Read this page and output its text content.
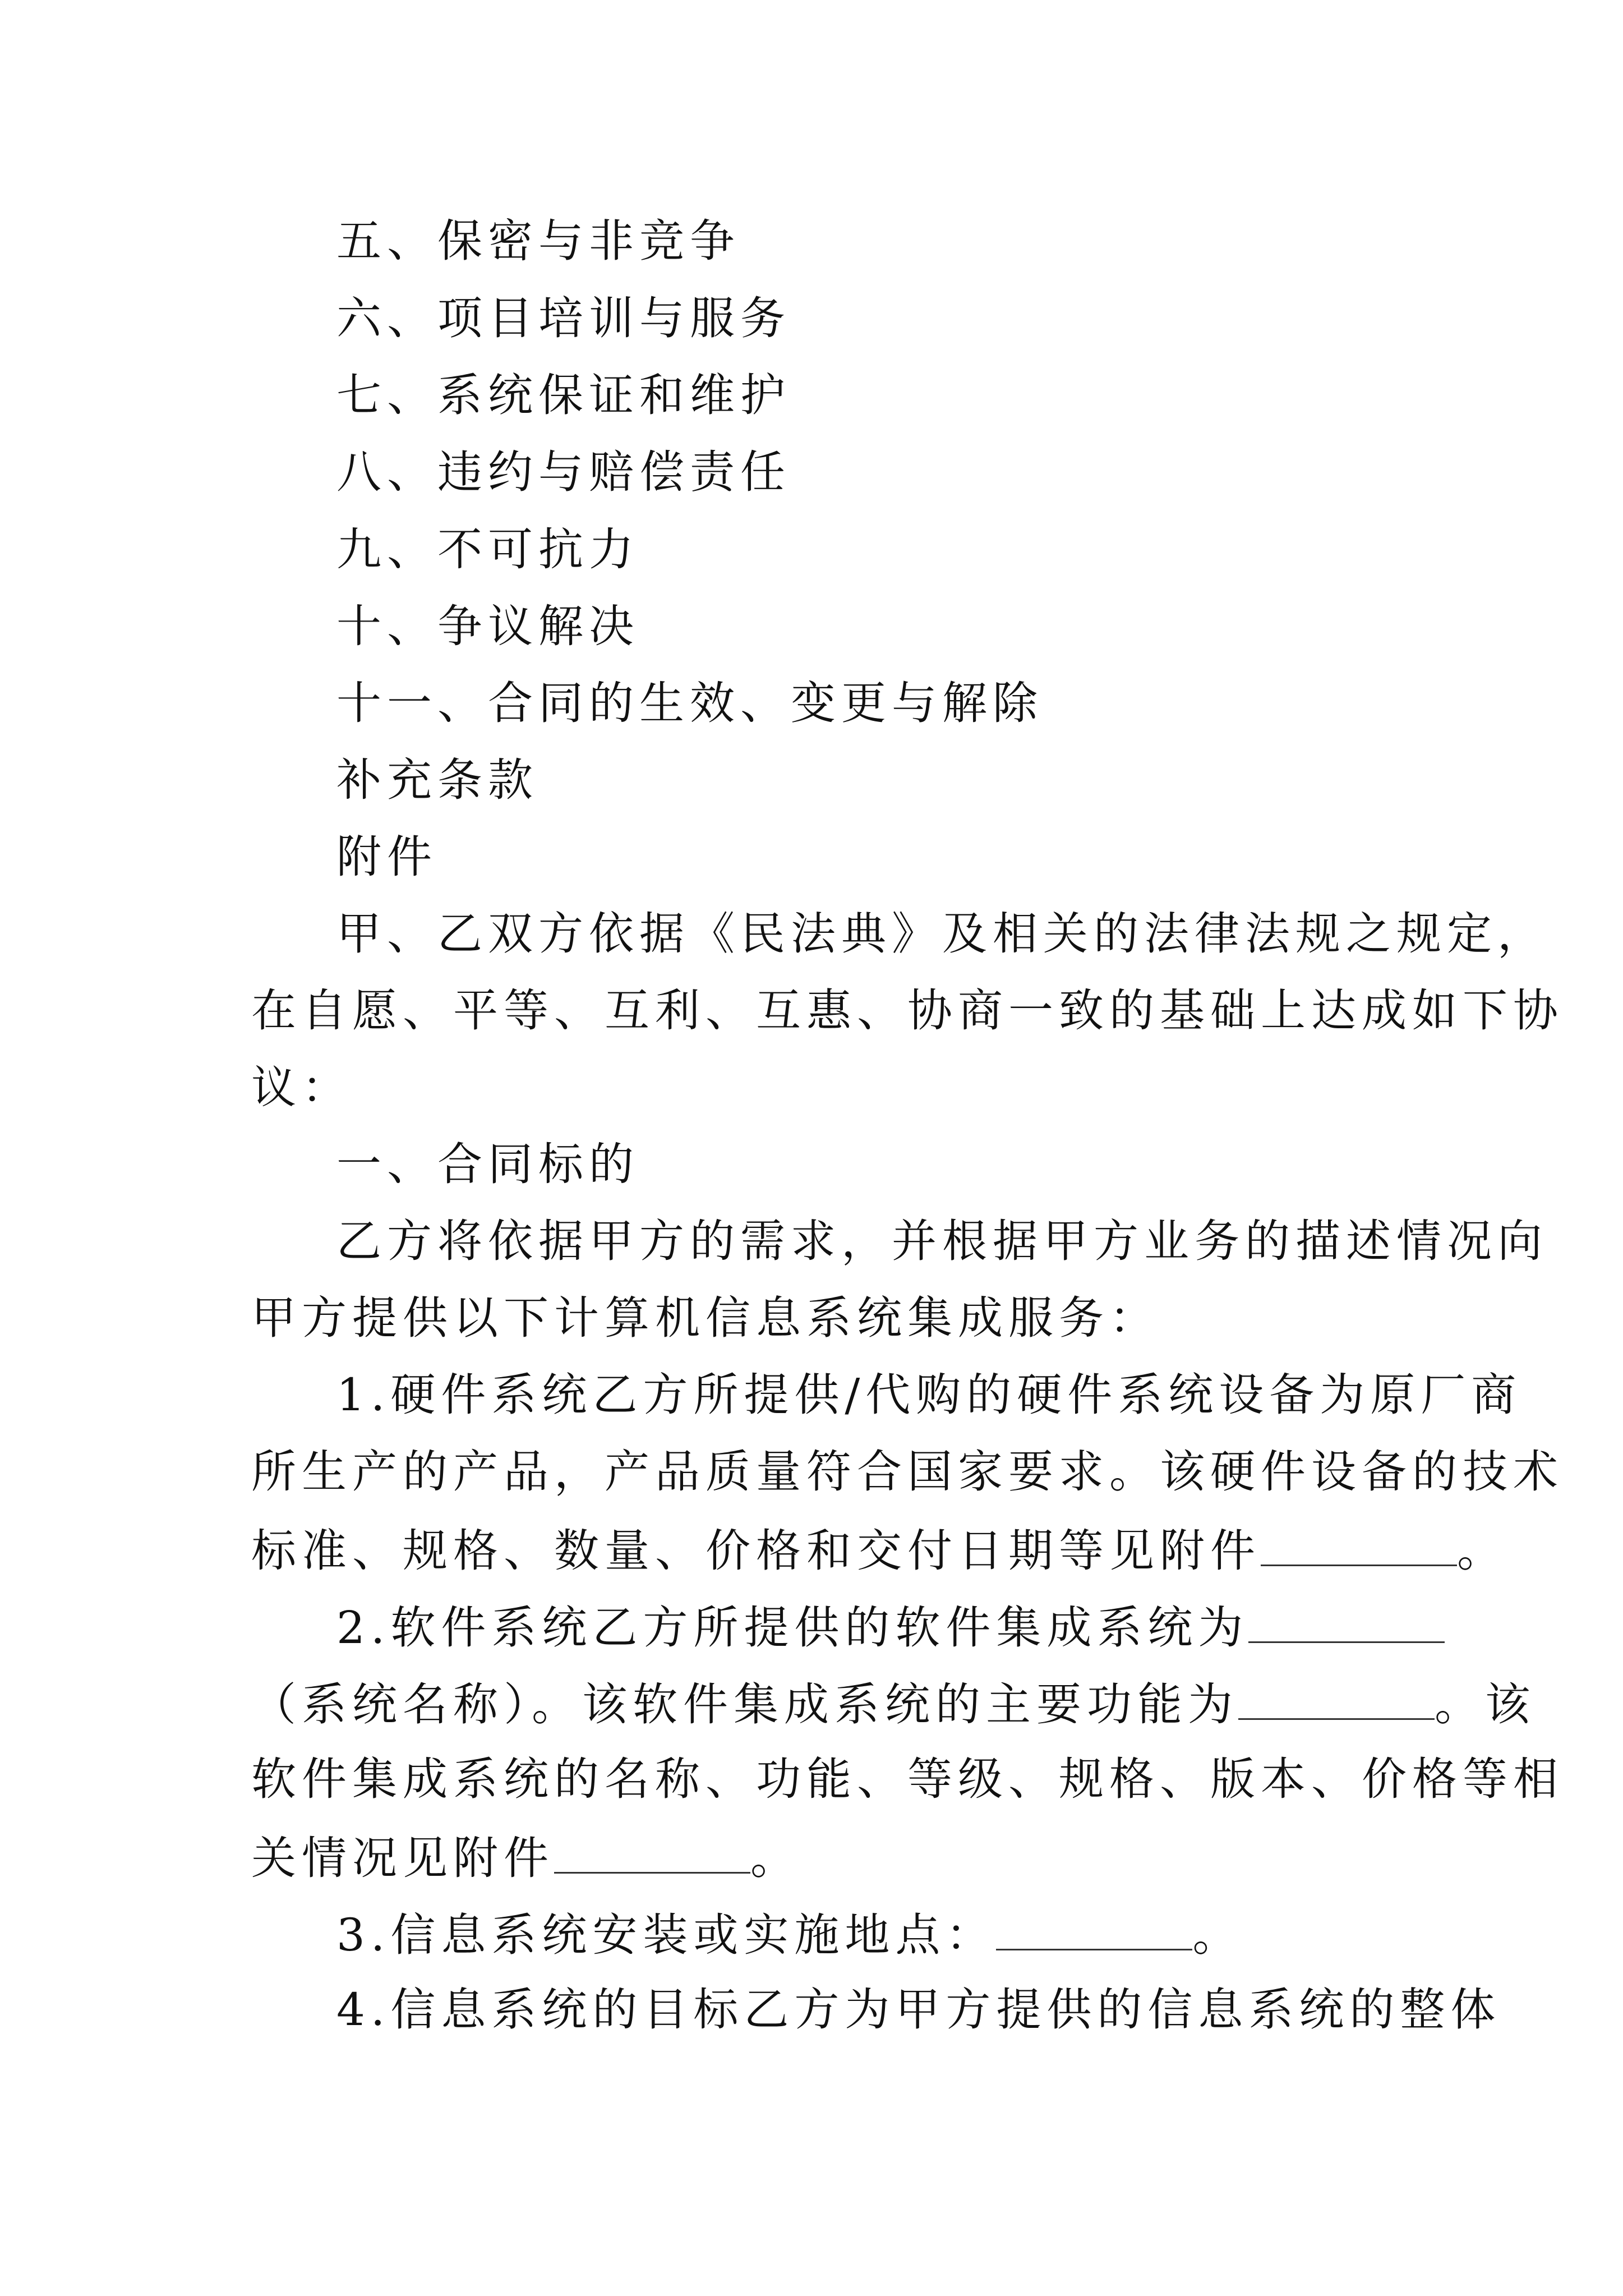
五、保密与非竞争
六、项目培训与服务
七、系统保证和维护
八、违约与赔偿责任
九、不可抗力
十、争议解决
十一、合同的生效、变更与解除
补充条款
附件
甲、乙双方依据《民法典》及相关的法律法规之规定，
在自愿、平等、互利、互惠、协商一致的基础上达成如下协
议：
一、合同标的
乙方将依据甲方的需求，并根据甲方业务的描述情况向
甲方提供以下计算机信息系统集成服务：
1.硬件系统乙方所提供/代购的硬件系统设备为原厂商
所生产的产品，产品质量符合国家要求。该硬件设备的技术
标准、规格、数量、价格和交付日期等见附件	。
2.软件系统乙方所提供的软件集成系统为
（系统名称）。该软件集成系统的主要功能为	。该
软件集成系统的名称、功能、等级、规格、版本、价格等相
关情况见附件	。
3.信息系统安装或实施地点：	。
4.信息系统的目标乙方为甲方提供的信息系统的整体
